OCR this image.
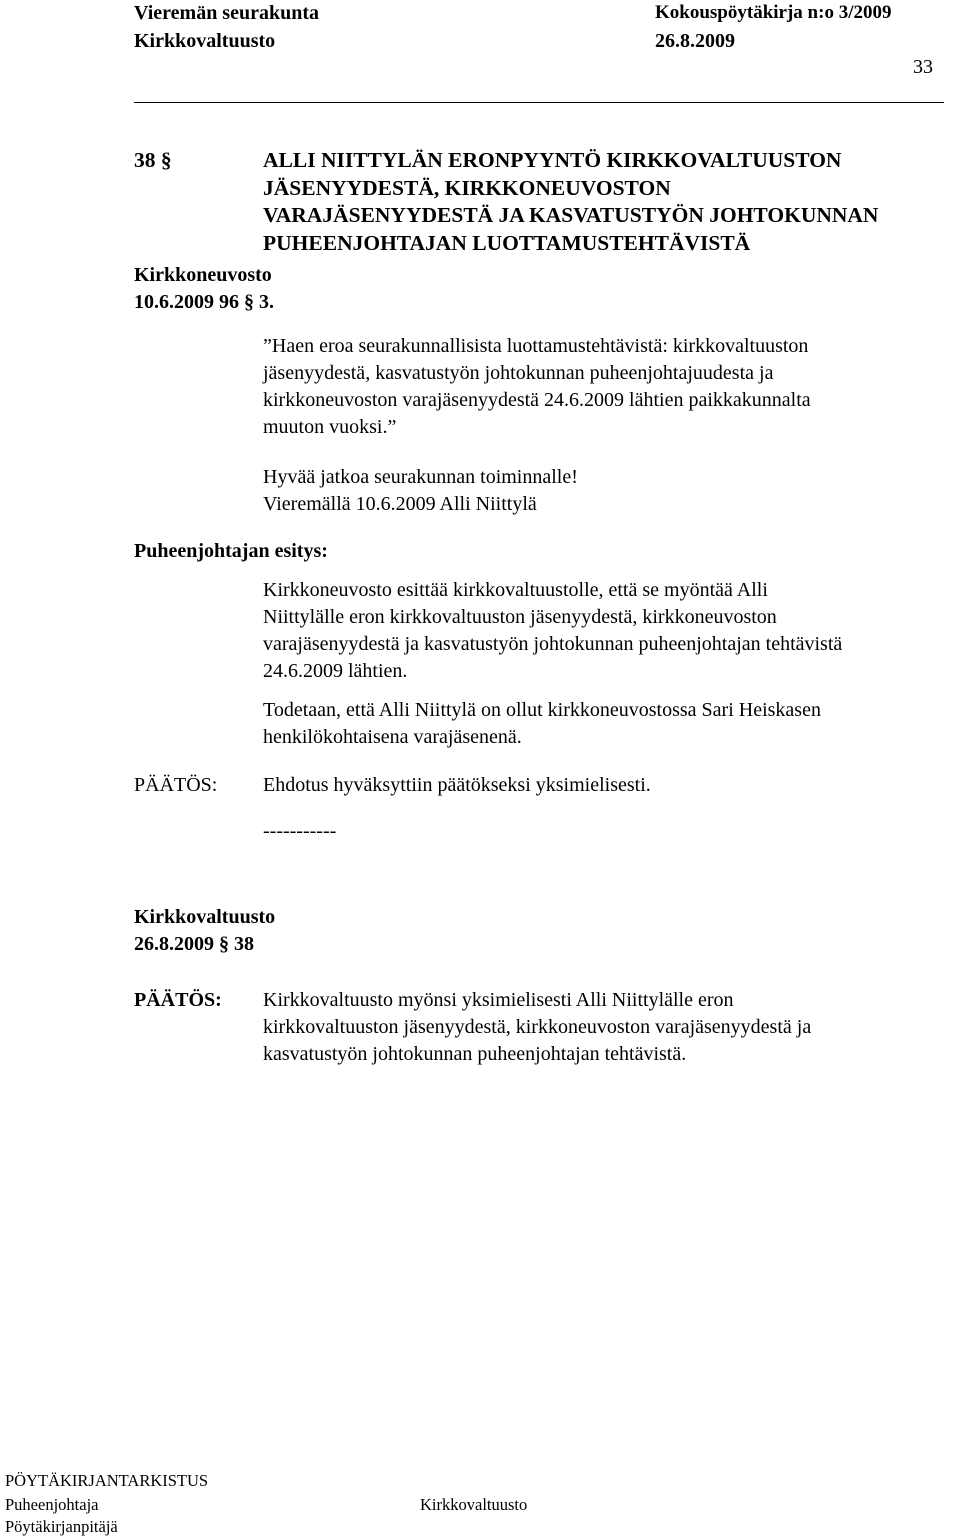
Vieremän seurakunta	Kokouspöytäkirja n:o 3/2009
Kirkkovaltuusto	26.8.2009
33
38 §	ALLI NIITTYLÄN ERONPYYNTÖ KIRKKOVALTUUSTON
JÄSENYYDESTÄ, KIRKKONEUVOSTON
VARAJÄSENYYDESTÄ JA KASVATUSTYÖN JOHTOKUNNAN
PUHEENJOHTAJAN LUOTTAMUSTEHTÄVISTÄ
Kirkkoneuvosto
10.6.2009 96 § 3.
”Haen eroa seurakunnallisista luottamustehtävistä: kirkkovaltuuston
jäsenyydestä, kasvatustyön johtokunnan puheenjohtajuudesta ja
kirkkoneuvoston varajäsenyydestä 24.6.2009 lähtien paikkakunnalta
muuton vuoksi.”
Hyvää jatkoa seurakunnan toiminnalle!
Vieremällä 10.6.2009 Alli Niittylä
Puheenjohtajan esitys:
Kirkkoneuvosto esittää kirkkovaltuustolle, että se myöntää Alli
Niittylälle eron kirkkovaltuuston jäsenyydestä, kirkkoneuvoston
varajäsenyydestä ja kasvatustyön johtokunnan puheenjohtajan tehtävistä
24.6.2009 lähtien.
Todetaan, että Alli Niittylä on ollut kirkkoneuvostossa Sari Heiskasen
henkilökohtaisena varajäsenenä.
PÄÄTÖS: Ehdotus hyväksyttiin päätökseksi yksimielisesti.
-----------
Kirkkovaltuusto
26.8.2009 § 38
PÄÄTÖS: Kirkkovaltuusto myönsi yksimielisesti Alli Niittylälle eron
kirkkovaltuuston jäsenyydestä, kirkkoneuvoston varajäsenyydestä ja
kasvatustyön johtokunnan puheenjohtajan tehtävistä.
PÖYTÄKIRJANTARKISTUS
Puheenjohtaja	Kirkkovaltuusto
Pöytäkirjanpitäjä
